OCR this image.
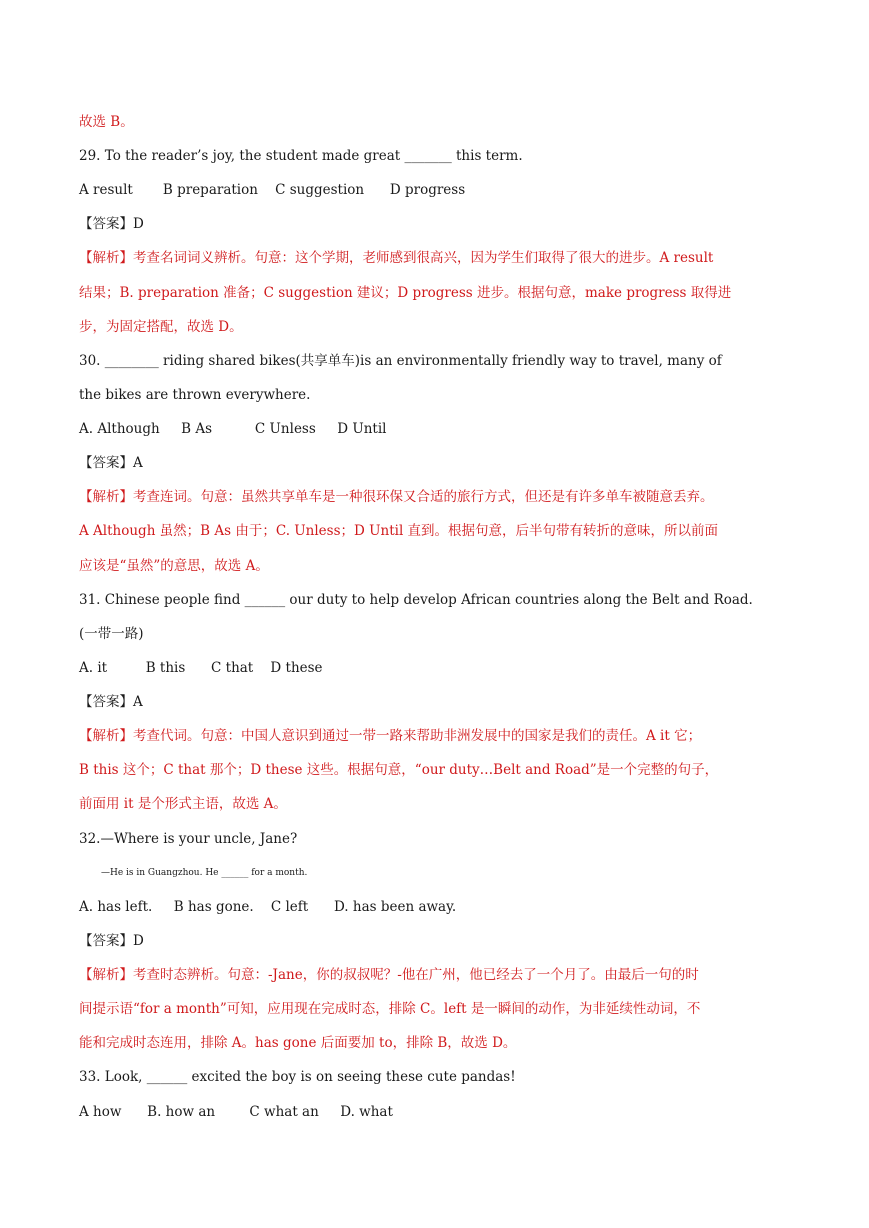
故选 B。
29. To the reader’s joy, the student made great _______ this term.
A result       B preparation    C suggestion      D progress
【答案】D
【解析】考查名词词义辨析。句意：这个学期，老师感到很高兴，因为学生们取得了很大的进步。A result
结果；B. preparation 准备；C suggestion 建议；D progress 进步。根据句意，make progress 取得进
步，为固定搭配，故选 D。
30. ________ riding shared bikes(共享单车)is an environmentally friendly way to travel, many of
the bikes are thrown everywhere.
A. Although     B As          C Unless     D Until
【答案】A
【解析】考查连词。句意：虽然共享单车是一种很环保又合适的旅行方式，但还是有许多单车被随意丢弃。
A Although 虽然；B As 由于；C. Unless；D Until 直到。根据句意，后半句带有转折的意味，所以前面
应该是“虽然”的意思，故选 A。
31. Chinese people find ______ our duty to help develop African countries along the Belt and Road.
(一带一路)
A. it         B this      C that    D these
【答案】A
【解析】考查代词。句意：中国人意识到通过一带一路来帮助非洲发展中的国家是我们的责任。A it 它；
B this 这个；C that 那个；D these 这些。根据句意，“our duty…Belt and Road”是一个完整的句子，
前面用 it 是个形式主语，故选 A。
32.—Where is your uncle, Jane?
—He is in Guangzhou. He ______ for a month.
A. has left.     B has gone.    C left      D. has been away.
【答案】D
【解析】考查时态辨析。句意：-Jane，你的叔叔呢？-他在广州，他已经去了一个月了。由最后一句的时
间提示语“for a month”可知，应用现在完成时态，排除 C。left 是一瞬间的动作，为非延续性动词，不
能和完成时态连用，排除 A。has gone 后面要加 to，排除 B，故选 D。
33. Look, ______ excited the boy is on seeing these cute pandas!
A how      B. how an        C what an     D. what
